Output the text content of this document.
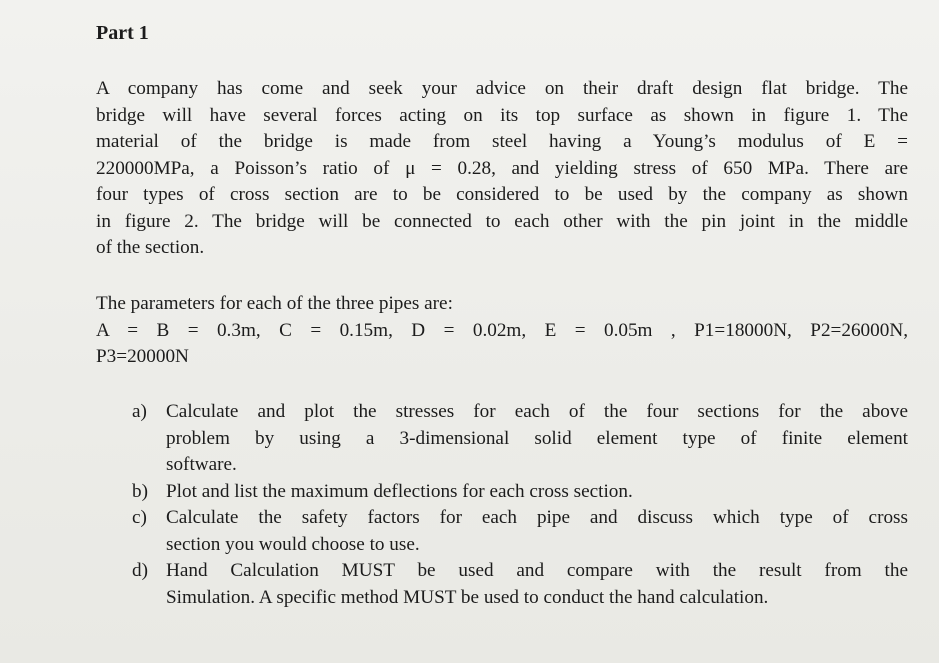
Part 1

A company has come and seek your advice on their draft design flat bridge. The
bridge will have several forces acting on its top surface as shown in figure 1. The
material of the bridge is made from steel having a Young’s modulus of E =
220000MPa, a Poisson’s ratio of μ = 0.28, and yielding stress of 650 MPa. There are
four types of cross section are to be considered to be used by the company as shown
in figure 2. The bridge will be connected to each other with the pin joint in the middle
of the section.

The parameters for each of the three pipes are:
A = B = 0.3m, C = 0.15m, D = 0.02m, E = 0.05m , P1=18000N, P2=26000N,
P3=20000N

a) Calculate and plot the stresses for each of the four sections for the above
problem by using a 3-dimensional solid element type of finite element
software.
b) Plot and list the maximum deflections for each cross section.
c) Calculate the safety factors for each pipe and discuss which type of cross
section you would choose to use.
d) Hand Calculation MUST be used and compare with the result from the
Simulation. A specific method MUST be used to conduct the hand calculation.
